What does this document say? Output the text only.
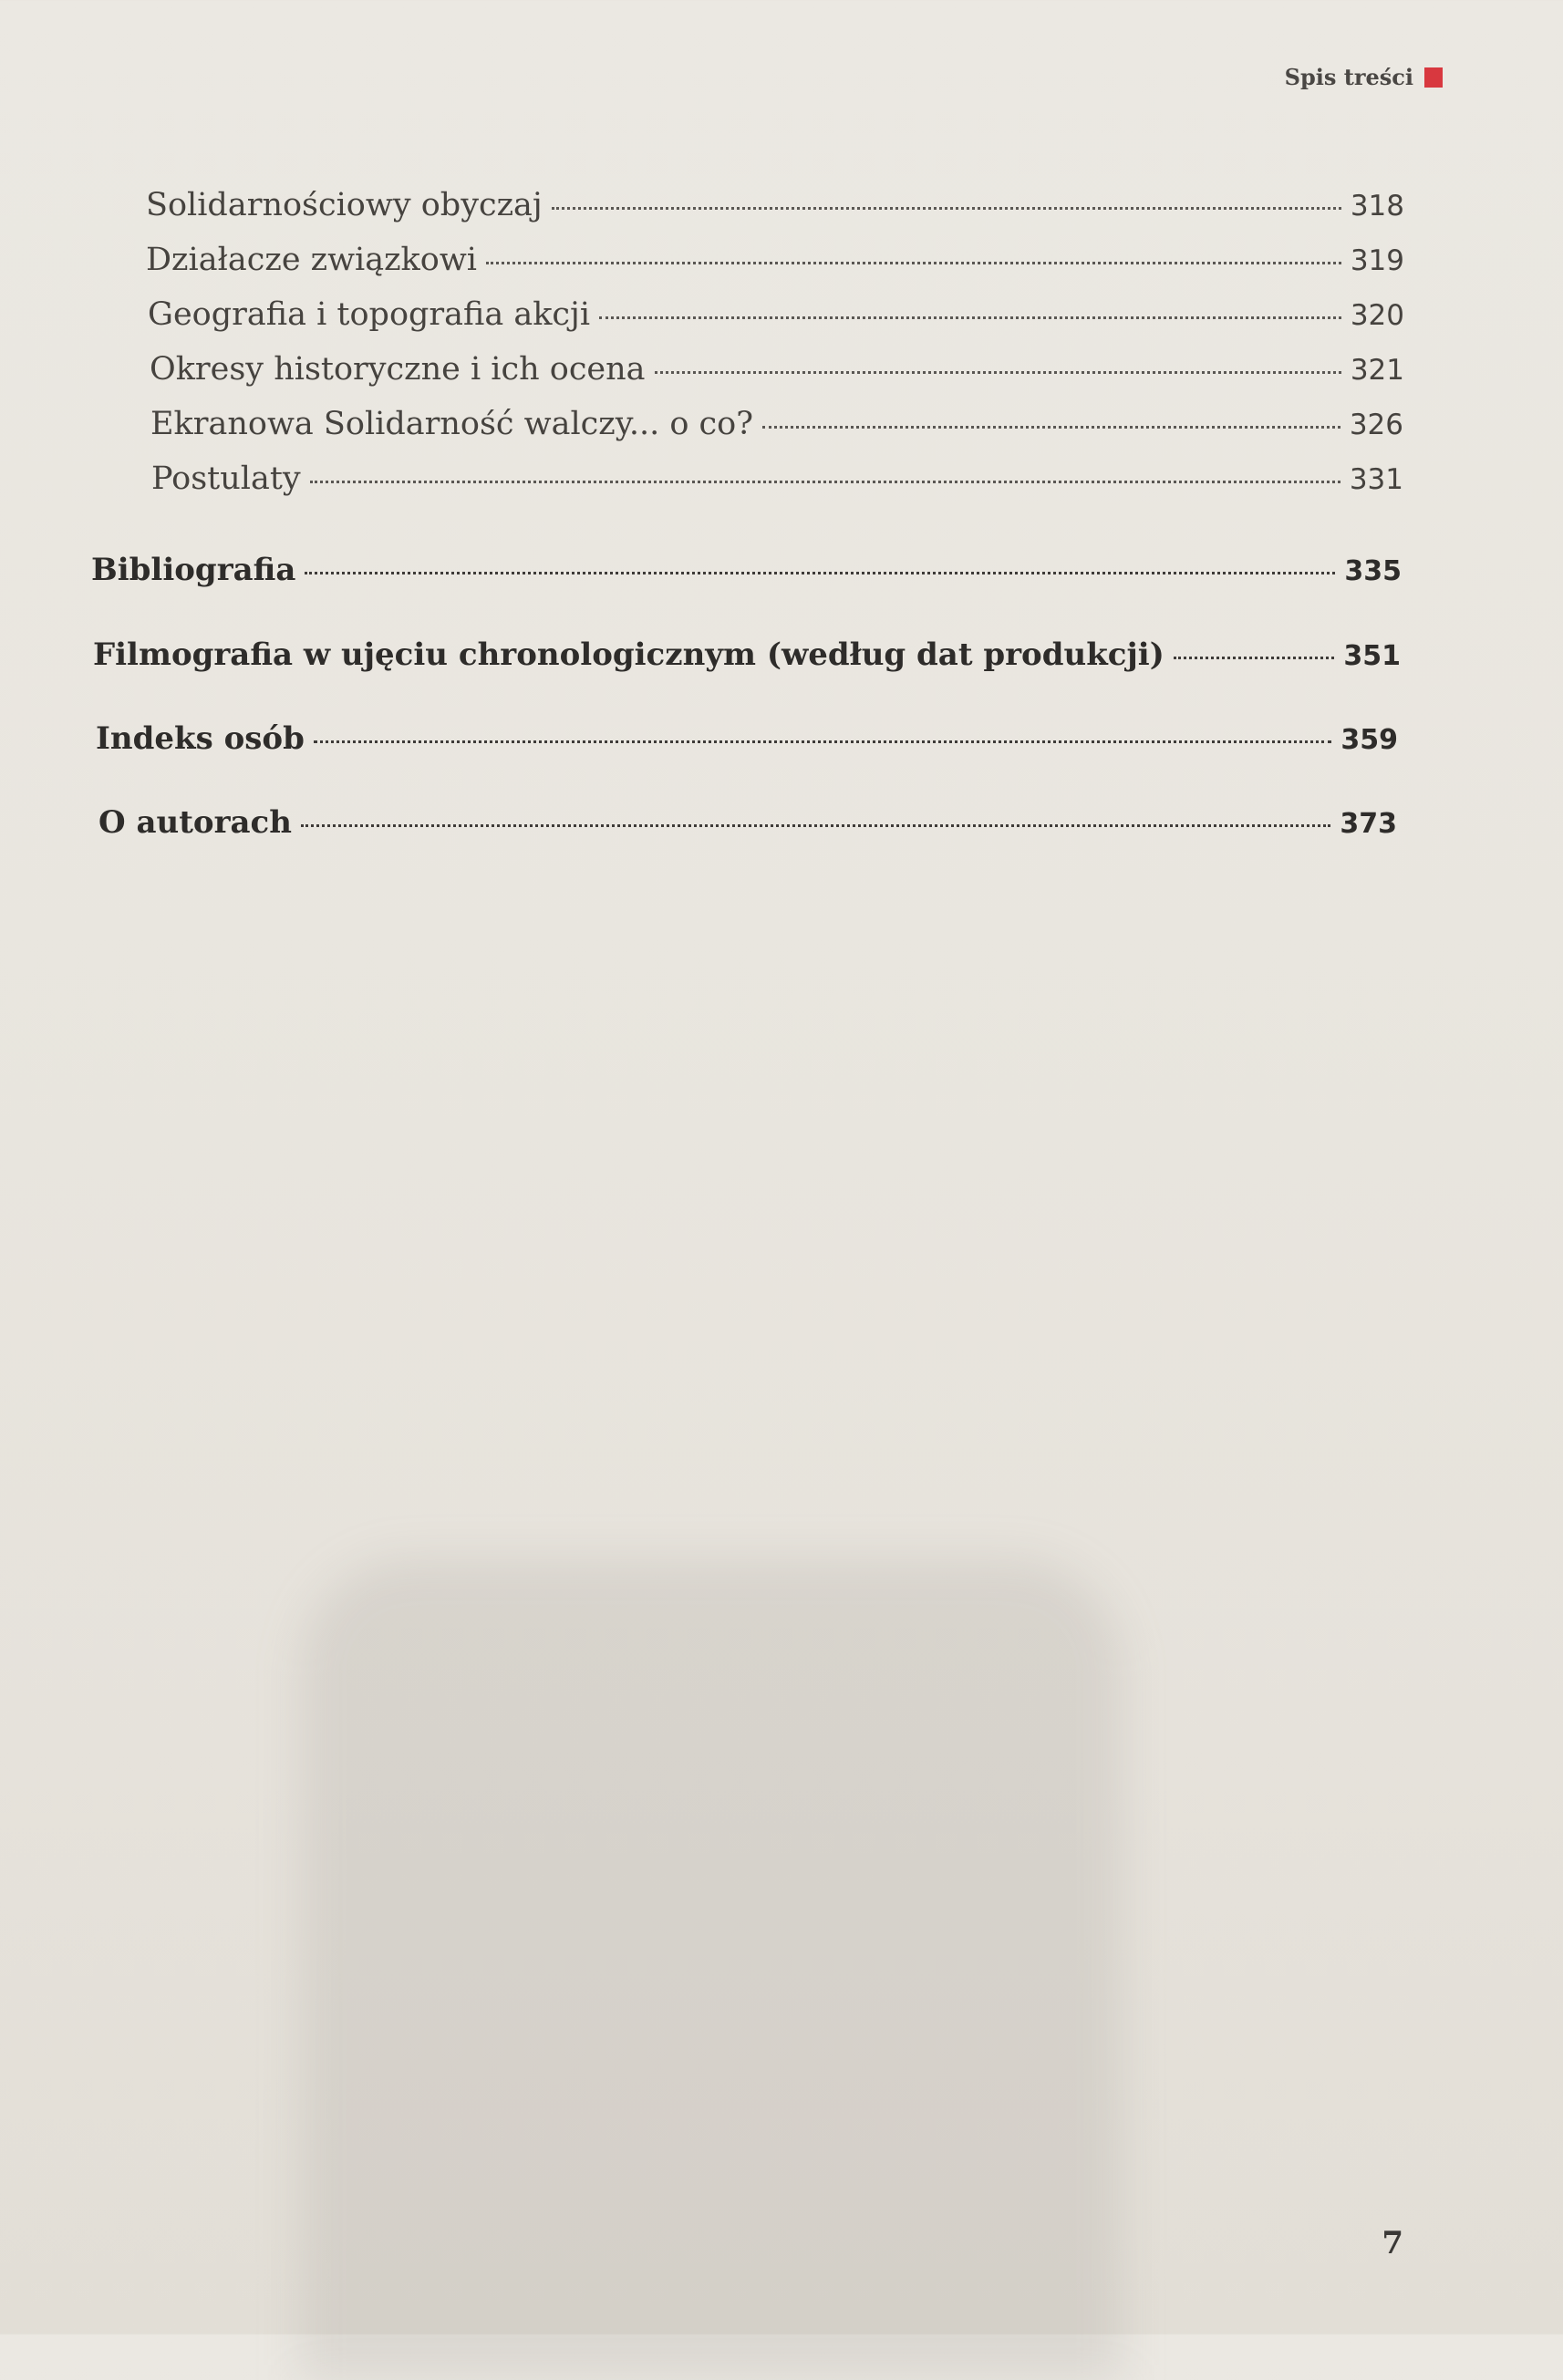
Spis treści
Solidarnościowy obyczaj	318
Działacze związkowi	319
Geografia i topografia akcji	320
Okresy historyczne i ich ocena	321
Ekranowa Solidarność walczy... o co?	326
Postulaty	331
Bibliografia	335
Filmografia w ujęciu chronologicznym (według dat produkcji)	351
Indeks osób	359
O autorach	373
7
